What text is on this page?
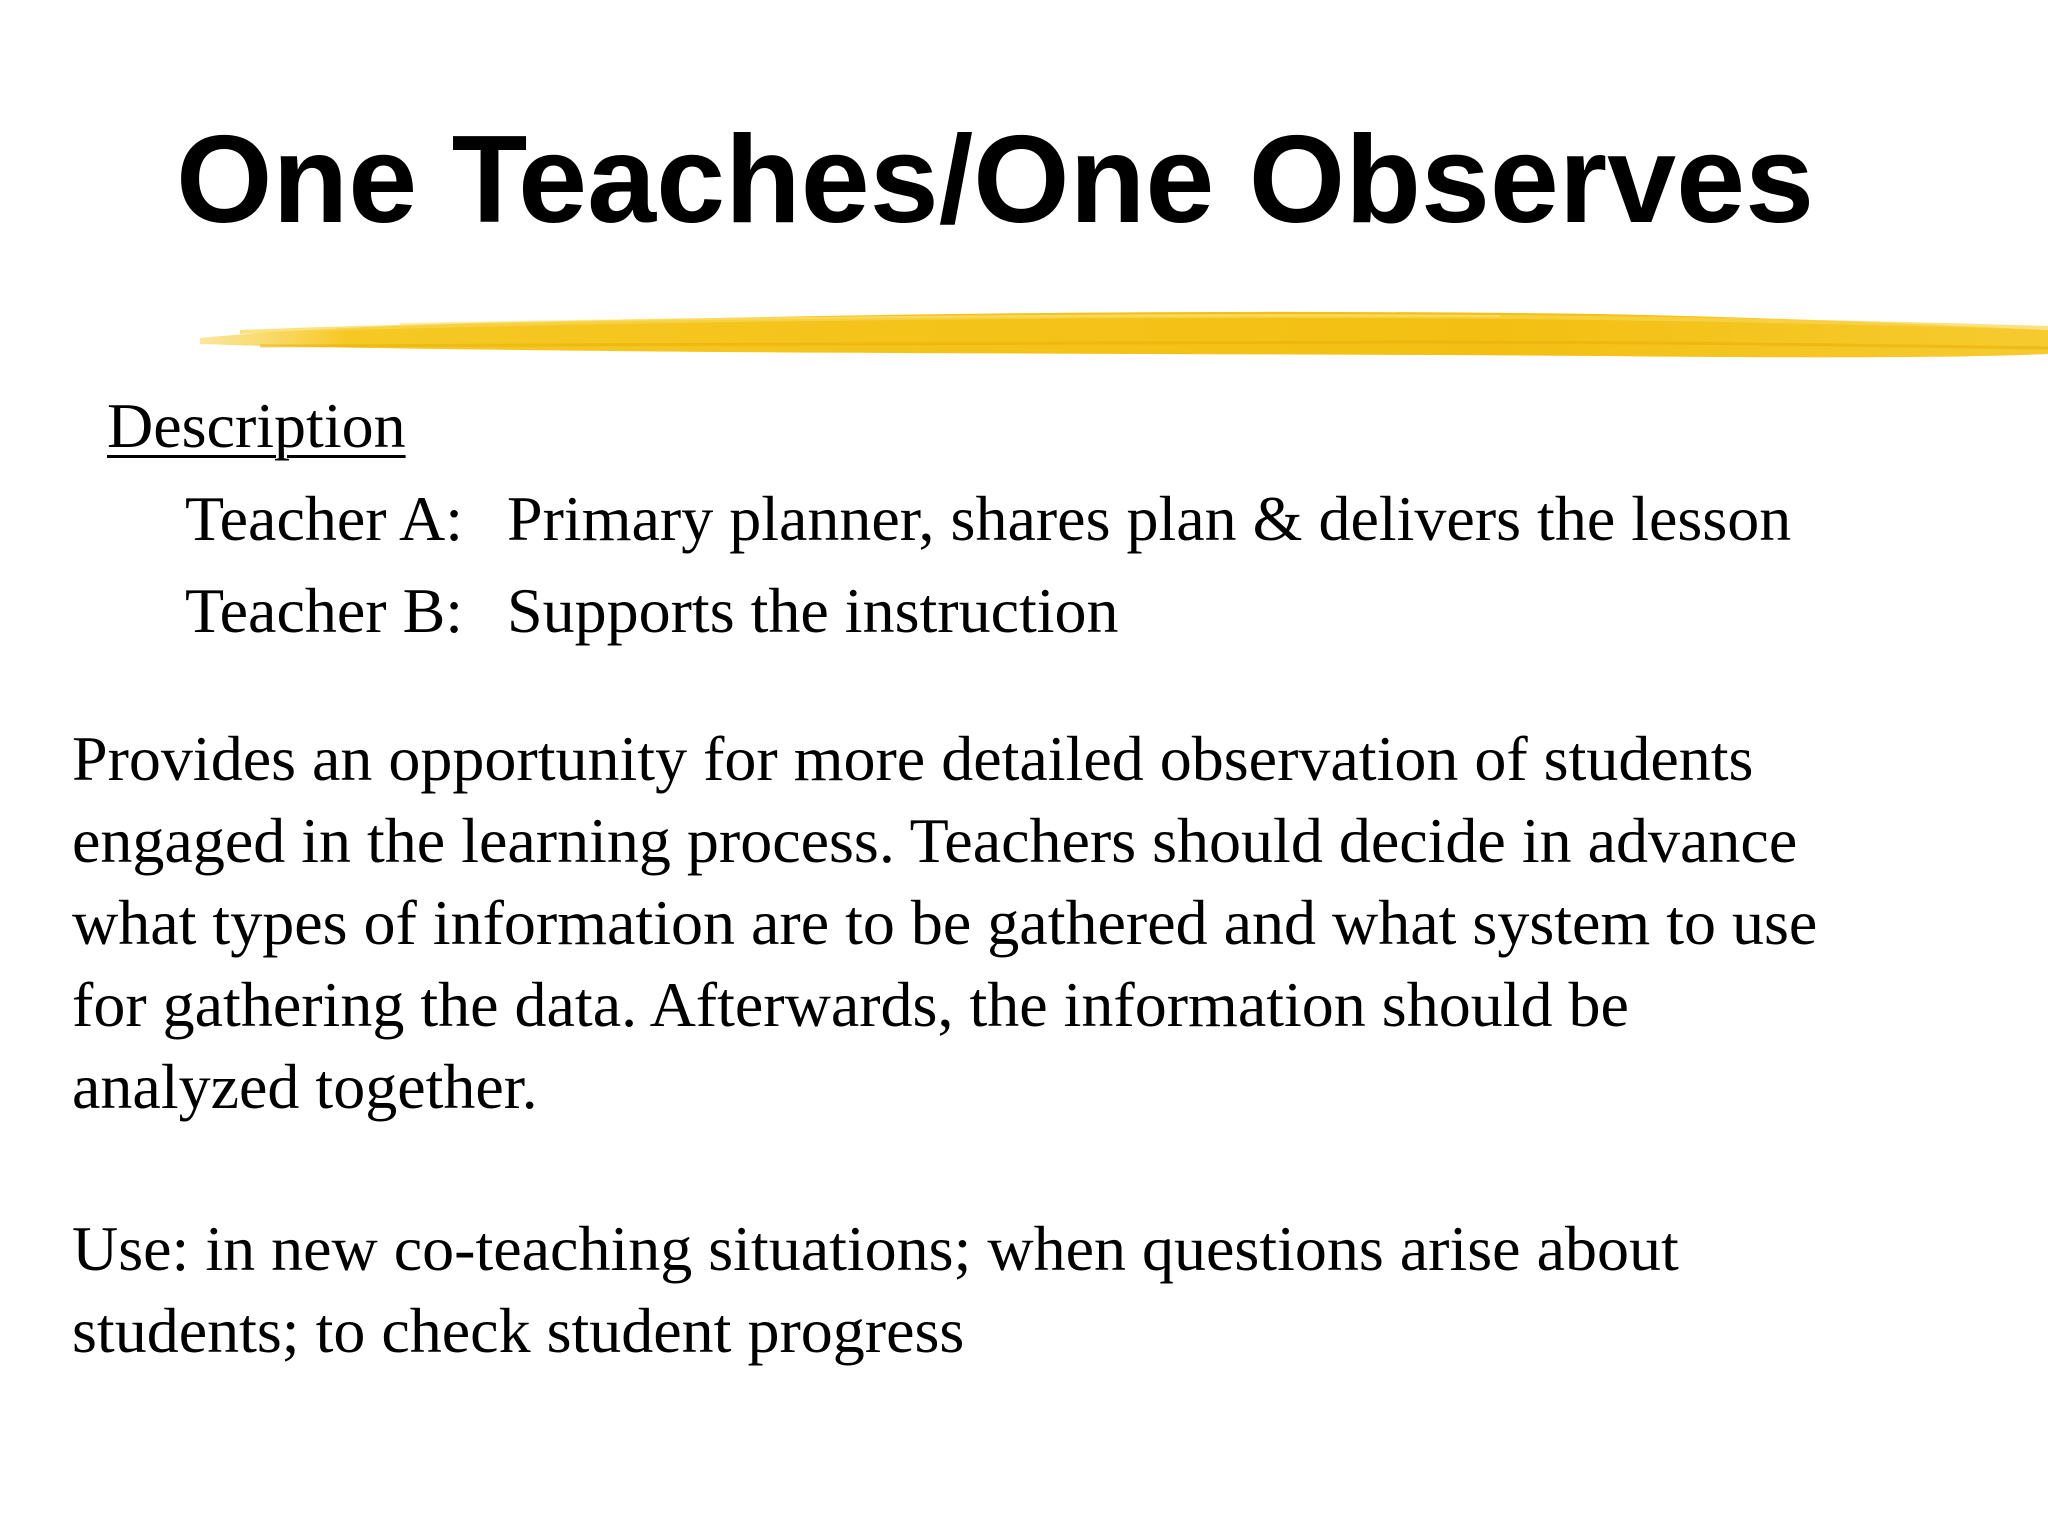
One Teaches/One Observes
Description
Teacher A: Primary planner, shares plan & delivers the lesson
Teacher B: Supports the instruction

Provides an opportunity for more detailed observation of students
engaged in the learning process. Teachers should decide in advance
what types of information are to be gathered and what system to use
for gathering the data. Afterwards, the information should be
analyzed together.

Use: in new co-teaching situations; when questions arise about
students; to check student progress
